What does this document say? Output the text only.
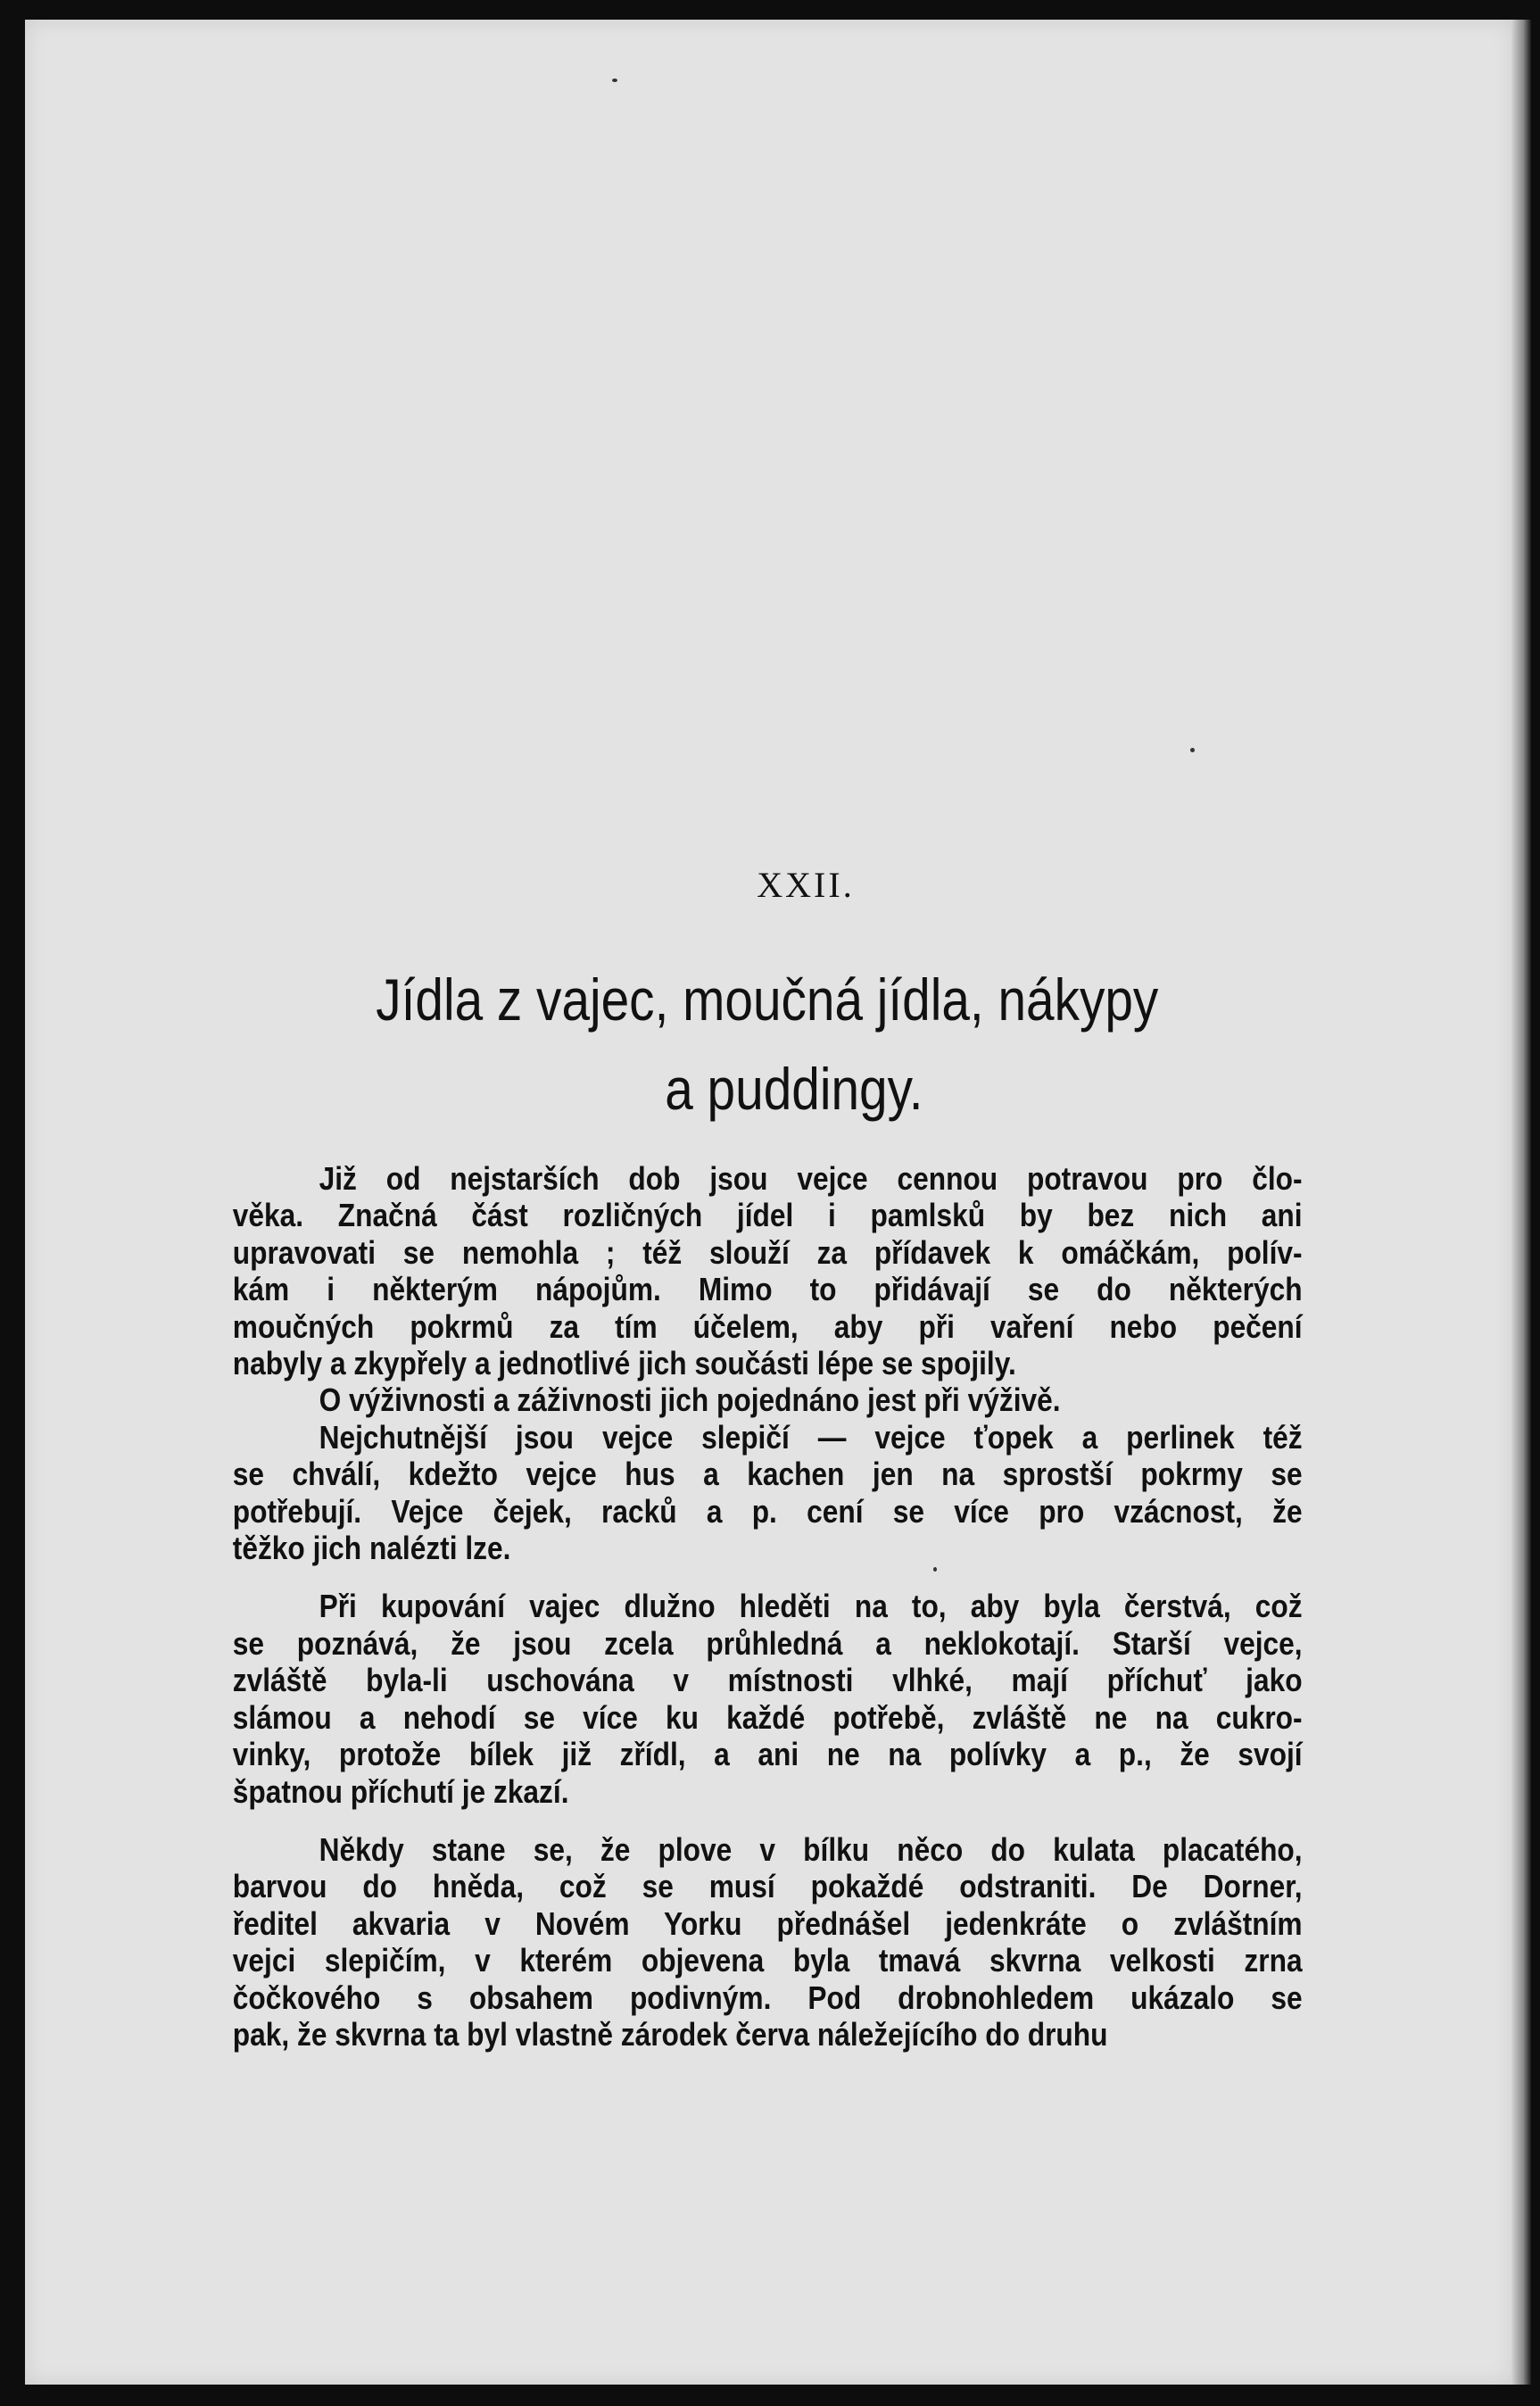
XXII.
Jídla z vajec, moučná jídla, nákypy
a puddingy.
Již od nejstarších dob jsou vejce cennou potravou pro člo-
věka. Značná část rozličných jídel i pamlsků by bez nich ani
upravovati se nemohla ; též slouží za přídavek k omáčkám, polív-
kám i některým nápojům. Mimo to přidávají se do některých
moučných pokrmů za tím účelem, aby při vaření nebo pečení
nabyly a zkypřely a jednotlivé jich součásti lépe se spojily.
O výživnosti a záživnosti jich pojednáno jest při výživě.
Nejchutnější jsou vejce slepičí — vejce ťopek a perlinek též
se chválí, kdežto vejce hus a kachen jen na sprostší pokrmy se
potřebují. Vejce čejek, racků a p. cení se více pro vzácnost, že
těžko jich nalézti lze.
Při kupování vajec dlužno hleděti na to, aby byla čerstvá, což
se poznává, že jsou zcela průhledná a neklokotají. Starší vejce,
zvláště byla-li uschována v místnosti vlhké, mají příchuť jako
slámou a nehodí se více ku každé potřebě, zvláště ne na cukro-
vinky, protože bílek již zřídl, a ani ne na polívky a p., že svojí
špatnou příchutí je zkazí.
Někdy stane se, že plove v bílku něco do kulata placatého,
barvou do hněda, což se musí pokaždé odstraniti. De Dorner,
ředitel akvaria v Novém Yorku přednášel jedenkráte o zvláštním
vejci slepičím, v kterém objevena byla tmavá skvrna velkosti zrna
čočkového s obsahem podivným. Pod drobnohledem ukázalo se
pak, že skvrna ta byl vlastně zárodek červa náležejícího do druhu
